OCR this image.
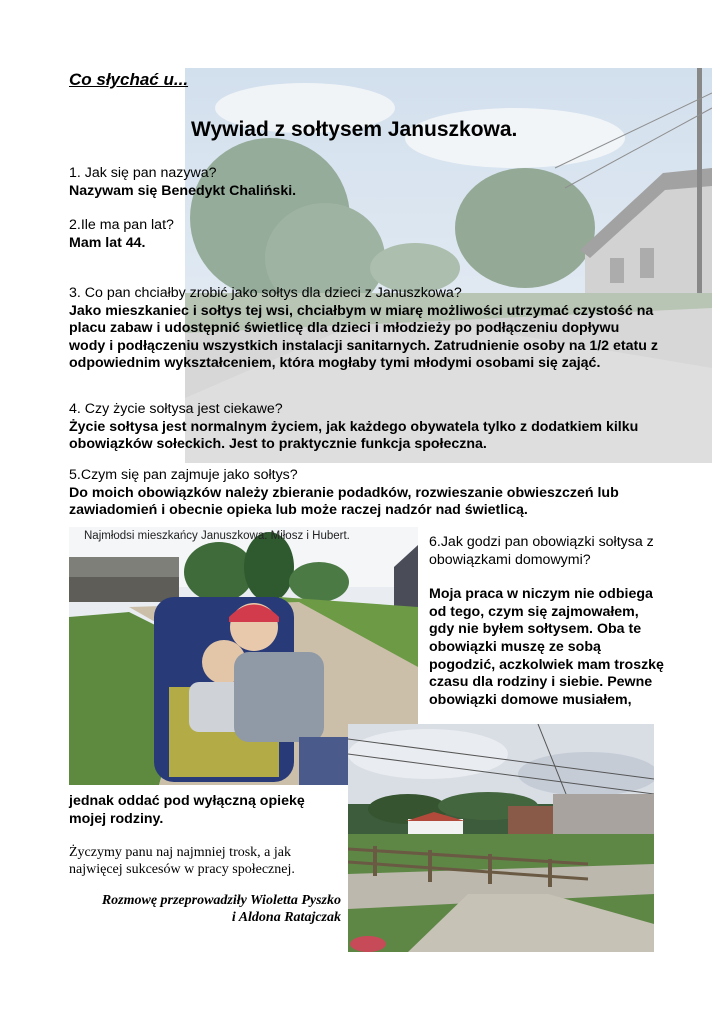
Co słychać u...
Wywiad z sołtysem Januszkowa.
1. Jak się pan nazywa?
Nazywam się Benedykt Chaliński.
2.Ile ma pan lat?
Mam lat 44.
3. Co pan chciałby zrobić jako sołtys dla dzieci z Januszkowa?
Jako mieszkaniec i sołtys tej wsi, chciałbym w miarę możliwości utrzymać czystość na placu zabaw i udostępnić świetlicę dla dzieci i młodzieży po podłączeniu dopływu wody i podłączeniu wszystkich instalacji sanitarnych. Zatrudnienie osoby na 1/2 etatu z odpowiednim wykształceniem, która mogłaby tymi młodymi osobami się zająć.
4. Czy życie sołtysa jest ciekawe?
Życie sołtysa jest normalnym życiem, jak każdego obywatela tylko z dodatkiem kilku obowiązków sołeckich. Jest to praktycznie funkcja społeczna.
5.Czym się pan zajmuje jako sołtys?
Do moich obowiązków należy zbieranie podadków, rozwieszanie obwieszczeń lub zawiadomień i obecnie opieka lub może raczej nadzór nad świetlicą.
Najmłodsi mieszkańcy Januszkowa: Miłosz i Hubert.	6.Jak godzi pan obowiązki sołtysa z obowiązkami domowymi?
Moja praca w niczym nie odbiega od tego, czym się zajmowałem, gdy nie byłem sołtysem. Oba te obowiązki muszę ze sobą pogodzić, aczkolwiek mam troszkę czasu dla rodziny i siebie. Pewne obowiązki domowe musiałem,
jednak oddać pod wyłączną opiekę mojej rodziny.
Życzymy panu naj najmniej trosk, a jak najwięcej sukcesów w pracy społecznej.
Rozmowę przeprowadziły Wioletta Pyszko
i Aldona Ratajczak
